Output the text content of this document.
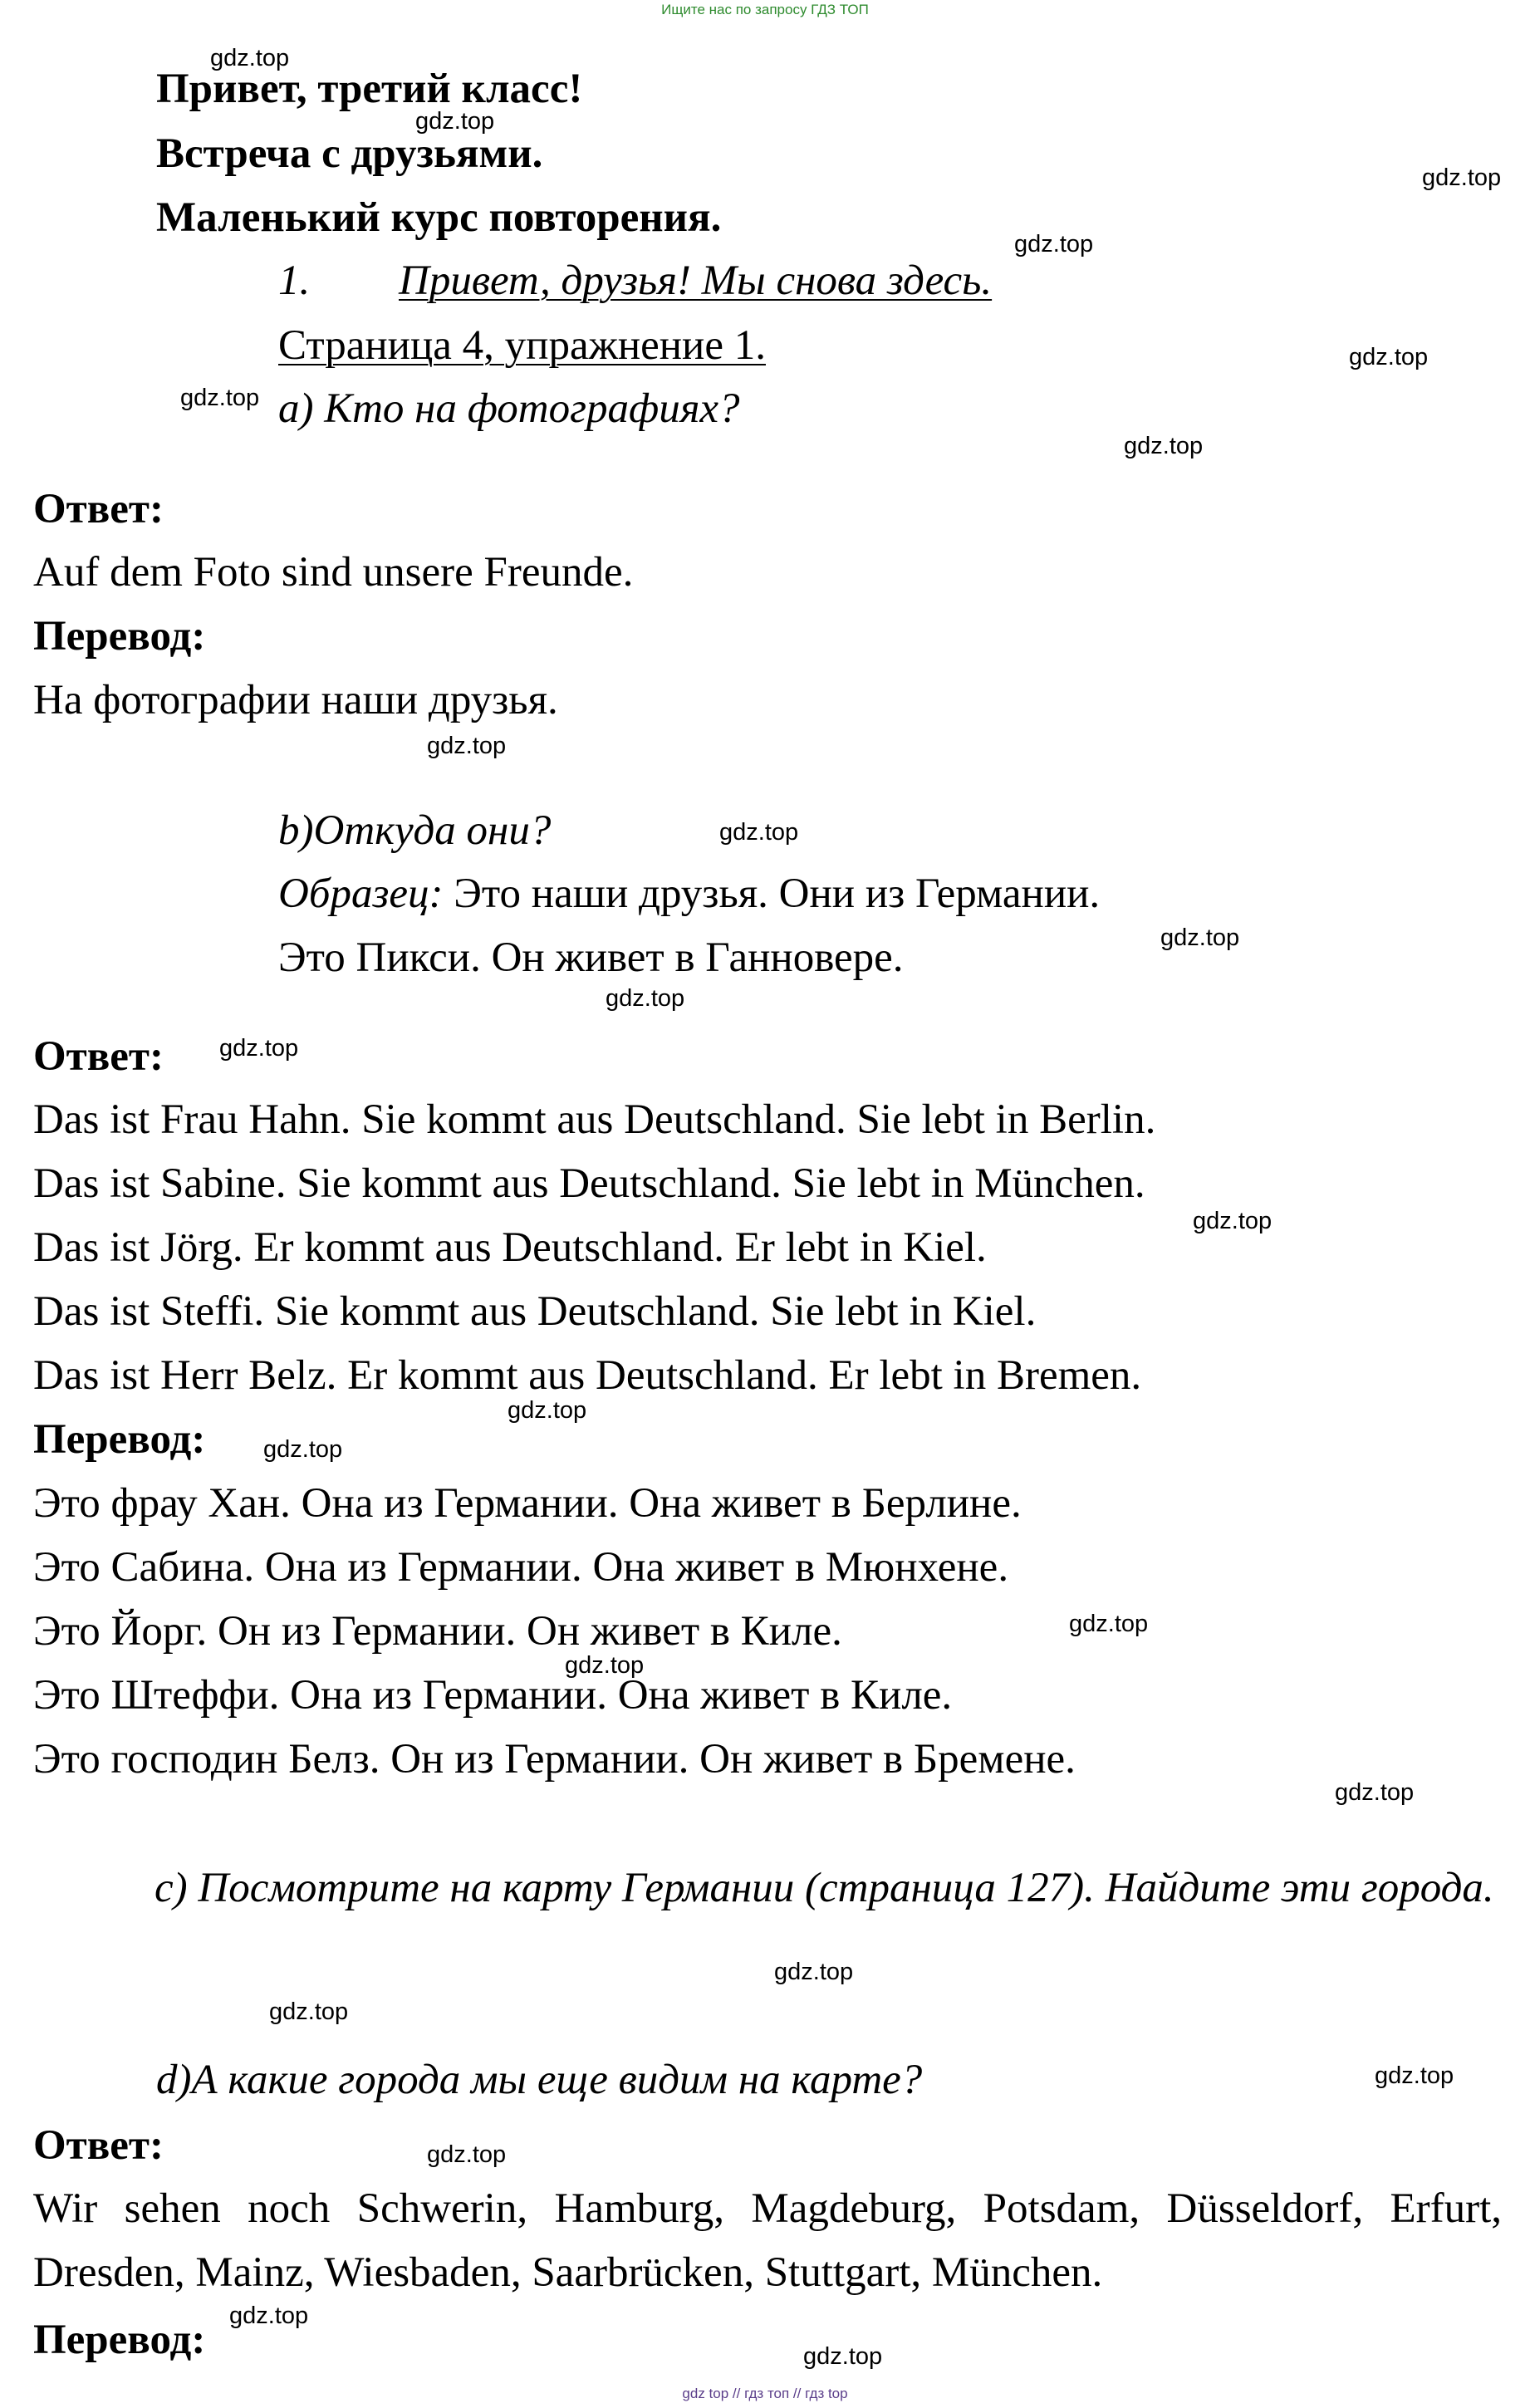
Ищите нас по запросу ГДЗ ТОП
Привет, третий класс!
Встреча с друзьями.
Маленький курс повторения.
1. Привет, друзья! Мы снова здесь.
Страница 4, упражнение 1.
а) Кто на фотографиях?
Ответ:
Auf dem Foto sind unsere Freunde.
Перевод:
На фотографии наши друзья.
b)Откуда они?
Образец: Это наши друзья. Они из Германии.
Это Пикси. Он живет в Ганновере.
Ответ:
Das ist Frau Hahn. Sie kommt aus Deutschland. Sie lebt in Berlin.
Das ist Sabine. Sie kommt aus Deutschland. Sie lebt in München.
Das ist Jörg. Er kommt aus Deutschland. Er lebt in Kiel.
Das ist Steffi. Sie kommt aus Deutschland. Sie lebt in Kiel.
Das ist Herr Belz. Er kommt aus Deutschland. Er lebt in Bremen.
Перевод:
Это фрау Хан. Она из Германии. Она живет в Берлине.
Это Сабина. Она из Германии. Она живет в Мюнхене.
Это Йорг. Он из Германии. Он живет в Киле.
Это Штеффи. Она из Германии. Она живет в Киле.
Это господин Белз. Он из Германии. Он живет в Бремене.
с) Посмотрите на карту Германии (страница 127). Найдите эти города.
d)А какие города мы еще видим на карте?
Ответ:
Wir sehen noch Schwerin, Hamburg, Magdeburg, Potsdam, Düsseldorf, Erfurt, Dresden, Mainz, Wiesbaden, Saarbrücken, Stuttgart, München.
Перевод:
gdz.top
gdz.top
gdz.top
gdz.top
gdz.top
gdz.top
gdz.top
gdz.top
gdz.top
gdz.top
gdz.top
gdz.top
gdz.top
gdz.top
gdz.top
gdz.top
gdz.top
gdz.top
gdz.top
gdz.top
gdz.top
gdz.top
gdz.top
gdz.top
gdz top // гдз топ // гдз top
